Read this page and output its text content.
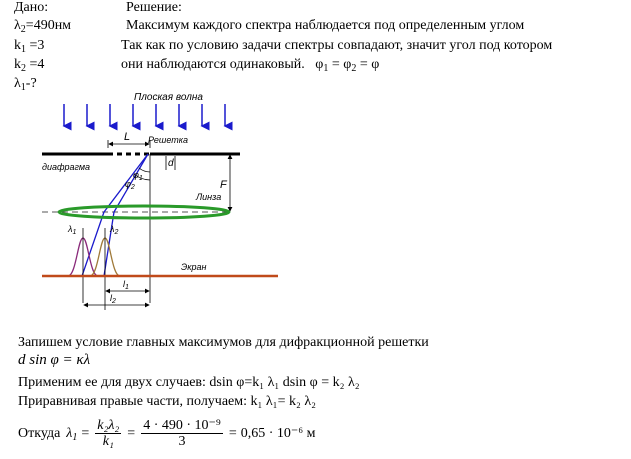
Дано:	Решение:
$\lambda_2=490нм$	Максимум каждого спектра наблюдается под определенным углом
$k_1 =3$	Так как по условию задачи спектры совпадают, значит угол под котором
$k_2 =4$	они наблюдаются одинаковый.   $\varphi_1 = \varphi_2 = \varphi$
$\lambda_1-$?
Плоская волна
Решетка
диафрагма
L
d
F
$\varphi_1$
$\varphi_2$
Линза
$\lambda_1$	$\lambda_2$
Экран
$l_1$
$l_2$
Запишем условие главных максимумов для дифракционной решетки
d sin φ = κλ
Применим ее для двух случаев: dsin φ=k₁ λ₁ dsin φ = k₂ λ₂
Приравнивая правые части, получаем: k₁ λ₁= k₂ λ₂
Откуда $\lambda_1 = \frac{\text{k₂λ₂}}{\text{k₁}} = \frac{\text{4 · 490 · 10⁻⁹}}{3} = 0,65 \cdot 10^{-6}$ м
